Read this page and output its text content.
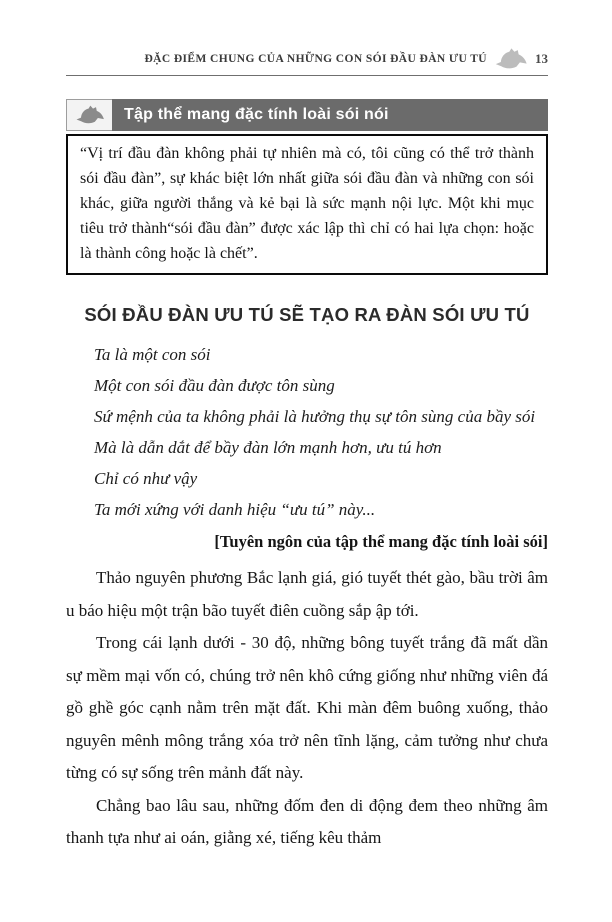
ĐẶC ĐIỂM CHUNG CỦA NHỮNG CON SÓI ĐẦU ĐÀN ƯU TÚ	13
Tập thể mang đặc tính loài sói nói

“Vị trí đầu đàn không phải tự nhiên mà có, tôi cũng có thể trở thành sói đầu đàn”, sự khác biệt lớn nhất giữa sói đầu đàn và những con sói khác, giữa người thắng và kẻ bại là sức mạnh nội lực. Một khi mục tiêu trở thành“sói đầu đàn” được xác lập thì chỉ có hai lựa chọn: hoặc là thành công hoặc là chết”.

SÓI ĐẦU ĐÀN ƯU TÚ SẼ TẠO RA ĐÀN SÓI ƯU TÚ

Ta là một con sói

Một con sói đầu đàn được tôn sùng

Sứ mệnh của ta không phải là hưởng thụ sự tôn sùng của bầy sói

Mà là dẫn dắt để bầy đàn lớn mạnh hơn, ưu tú hơn

Chỉ có như vậy

Ta mới xứng với danh hiệu “ưu tú” này...

[Tuyên ngôn của tập thể mang đặc tính loài sói]

Thảo nguyên phương Bắc lạnh giá, gió tuyết thét gào, bầu trời âm u báo hiệu một trận bão tuyết điên cuồng sắp ập tới.

Trong cái lạnh dưới - 30 độ, những bông tuyết trắng đã mất dần sự mềm mại vốn có, chúng trở nên khô cứng giống như những viên đá gồ ghề góc cạnh nằm trên mặt đất. Khi màn đêm buông xuống, thảo nguyên mênh mông trắng xóa trở nên tĩnh lặng, cảm tưởng như chưa từng có sự sống trên mảnh đất này.

Chẳng bao lâu sau, những đốm đen di động đem theo những âm thanh tựa như ai oán, giằng xé, tiếng kêu thảm
